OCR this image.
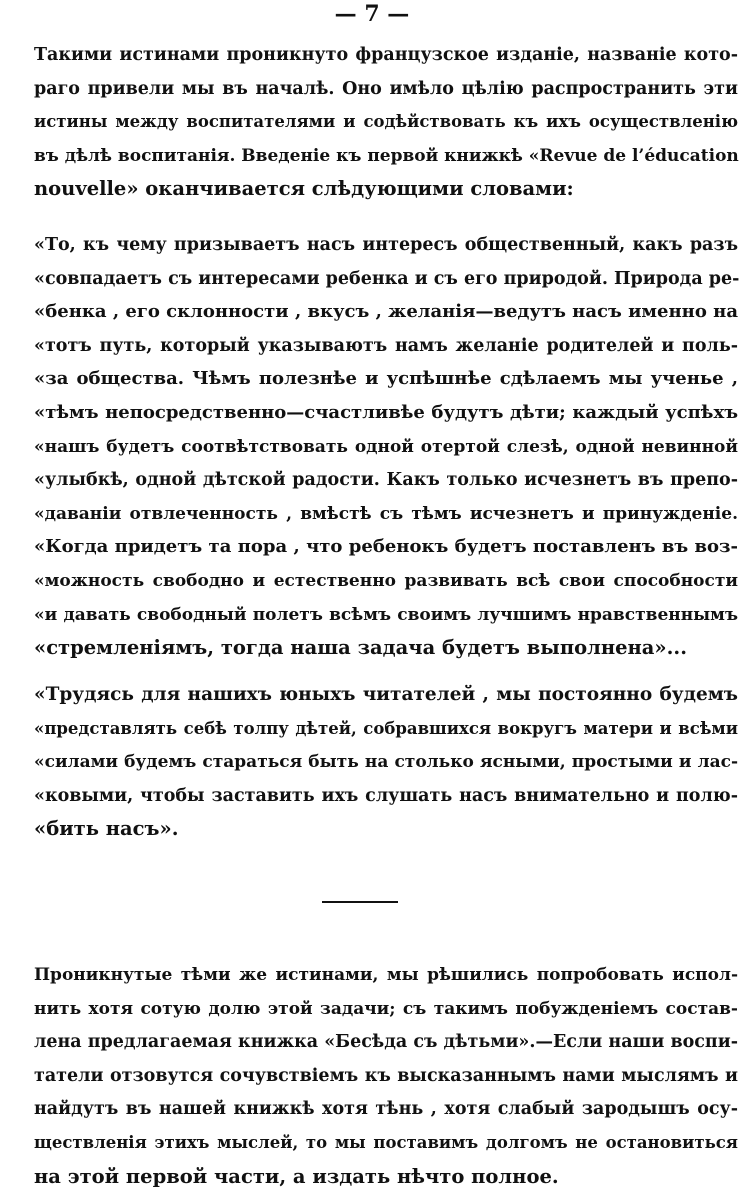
— 7 —
Такими истинами проникнуто французское изданіе, названіе кото-
раго привели мы въ началѣ. Оно имѣло цѣлію распространить эти
истины между воспитателями и содѣйствовать къ ихъ осуществленію
въ дѣлѣ воспитанія. Введеніе къ первой книжкѣ «Revue de l’éducation
nouvelle» оканчивается слѣдующими словами:
«То, къ чему призываетъ насъ интересъ общественный, какъ разъ
«совпадаетъ съ интересами ребенка и съ его природой. Природа ре-
«бенка , его склонности , вкусъ , желанія—ведутъ насъ именно на
«тотъ путь, который указываютъ намъ желаніе родителей и поль-
«за общества. Чѣмъ полезнѣе и успѣшнѣе сдѣлаемъ мы ученье ,
«тѣмъ непосредственно—счастливѣе будутъ дѣти; каждый успѣхъ
«нашъ будетъ соотвѣтствовать одной отертой слезѣ, одной невинной
«улыбкѣ, одной дѣтской радости. Какъ только исчезнетъ въ препо-
«даваніи отвлеченность , вмѣстѣ съ тѣмъ исчезнетъ и принужденіе.
«Когда придетъ та пора , что ребенокъ будетъ поставленъ въ воз-
«можность свободно и естественно развивать всѣ свои способности
«и давать свободный полетъ всѣмъ своимъ лучшимъ нравственнымъ
«стремленіямъ, тогда наша задача будетъ выполнена»...
«Трудясь для нашихъ юныхъ читателей , мы постоянно будемъ
«представлять себѣ толпу дѣтей, собравшихся вокругъ матери и всѣми
«силами будемъ стараться быть на столько ясными, простыми и лас-
«ковыми, чтобы заставить ихъ слушать насъ внимательно и полю-
«бить насъ».
Проникнутые тѣми же истинами, мы рѣшились попробовать испол-
нить хотя сотую долю этой задачи; съ такимъ побужденіемъ состав-
лена предлагаемая книжка «Бесѣда съ дѣтьми».—Если наши воспи-
татели отзовутся сочувствіемъ къ высказаннымъ нами мыслямъ и
найдутъ въ нашей книжкѣ хотя тѣнь , хотя слабый зародышъ осу-
ществленія этихъ мыслей, то мы поставимъ долгомъ не остановиться
на этой первой части, а издать нѣчто полное.
